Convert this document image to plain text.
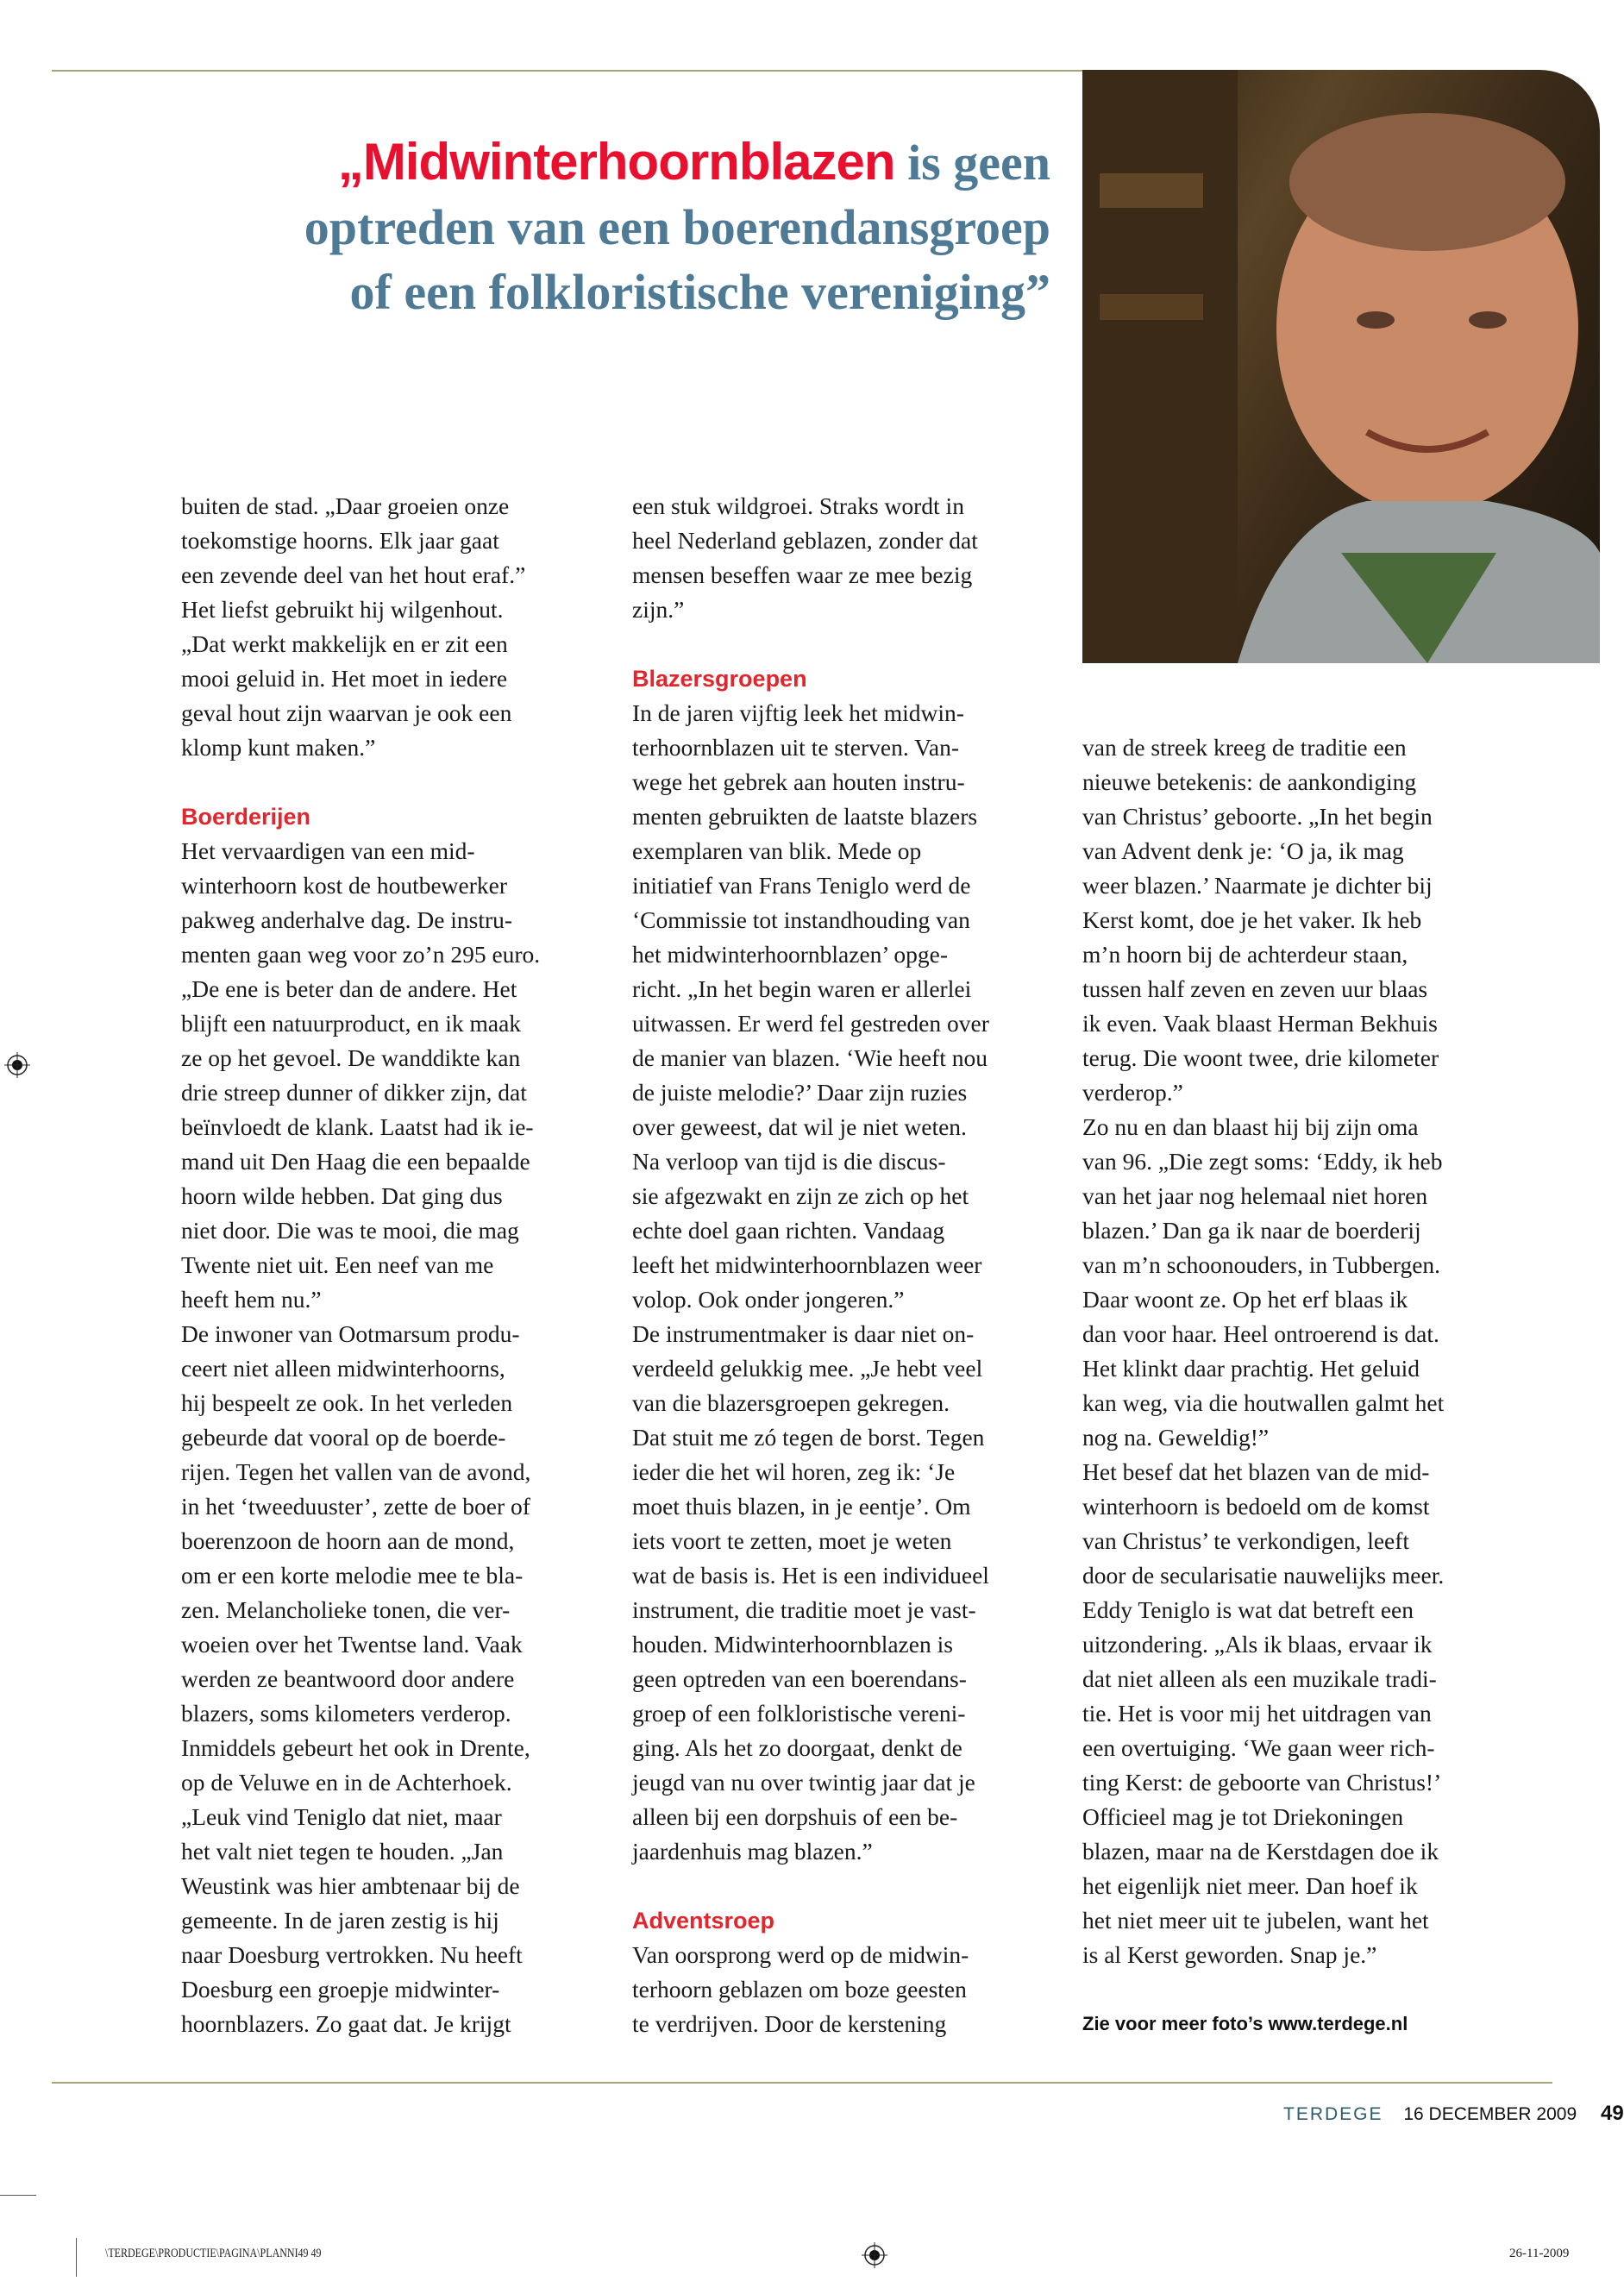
„Midwinterhoornblazen is geen
optreden van een boerendansgroep
of een folkloristische vereniging”
buiten de stad. „Daar groeien onze
toekomstige hoorns. Elk jaar gaat
een zevende deel van het hout eraf.”
Het liefst gebruikt hij wilgenhout.
„Dat werkt makkelijk en er zit een
mooi geluid in. Het moet in iedere
geval hout zijn waarvan je ook een
klomp kunt maken.”
Boerderijen
Het vervaardigen van een mid-
winterhoorn kost de houtbewerker
pakweg anderhalve dag. De instru-
menten gaan weg voor zo’n 295 euro.
„De ene is beter dan de andere. Het
blijft een natuurproduct, en ik maak
ze op het gevoel. De wanddikte kan
drie streep dunner of dikker zijn, dat
beïnvloedt de klank. Laatst had ik ie-
mand uit Den Haag die een bepaalde
hoorn wilde hebben. Dat ging dus
niet door. Die was te mooi, die mag
Twente niet uit. Een neef van me
heeft hem nu.”
De inwoner van Ootmarsum produ-
ceert niet alleen midwinterhoorns,
hij bespeelt ze ook. In het verleden
gebeurde dat vooral op de boerde-
rijen. Tegen het vallen van de avond,
in het ‘tweeduuster’, zette de boer of
boerenzoon de hoorn aan de mond,
om er een korte melodie mee te bla-
zen. Melancholieke tonen, die ver-
woeien over het Twentse land. Vaak
werden ze beantwoord door andere
blazers, soms kilometers verderop.
Inmiddels gebeurt het ook in Drente,
op de Veluwe en in de Achterhoek.
„Leuk vind Teniglo dat niet, maar
het valt niet tegen te houden. „Jan
Weustink was hier ambtenaar bij de
gemeente. In de jaren zestig is hij
naar Doesburg vertrokken. Nu heeft
Doesburg een groepje midwinter-
hoornblazers. Zo gaat dat. Je krijgt
een stuk wildgroei. Straks wordt in
heel Nederland geblazen, zonder dat
mensen beseffen waar ze mee bezig
zijn.”
Blazersgroepen
In de jaren vijftig leek het midwin-
terhoornblazen uit te sterven. Van-
wege het gebrek aan houten instru-
menten gebruikten de laatste blazers
exemplaren van blik. Mede op
initiatief van Frans Teniglo werd de
‘Commissie tot instandhouding van
het midwinterhoornblazen’ opge-
richt. „In het begin waren er allerlei
uitwassen. Er werd fel gestreden over
de manier van blazen. ‘Wie heeft nou
de juiste melodie?’ Daar zijn ruzies
over geweest, dat wil je niet weten.
Na verloop van tijd is die discus-
sie afgezwakt en zijn ze zich op het
echte doel gaan richten. Vandaag
leeft het midwinterhoornblazen weer
volop. Ook onder jongeren.”
De instrumentmaker is daar niet on-
verdeeld gelukkig mee. „Je hebt veel
van die blazersgroepen gekregen.
Dat stuit me zó tegen de borst. Tegen
ieder die het wil horen, zeg ik: ‘Je
moet thuis blazen, in je eentje’. Om
iets voort te zetten, moet je weten
wat de basis is. Het is een individueel
instrument, die traditie moet je vast-
houden. Midwinterhoornblazen is
geen optreden van een boerendans-
groep of een folkloristische vereni-
ging. Als het zo doorgaat, denkt de
jeugd van nu over twintig jaar dat je
alleen bij een dorpshuis of een be-
jaardenhuis mag blazen.”
Adventsroep
Van oorsprong werd op de midwin-
terhoorn geblazen om boze geesten
te verdrijven. Door de kerstening
van de streek kreeg de traditie een
nieuwe betekenis: de aankondiging
van Christus’ geboorte. „In het begin
van Advent denk je: ‘O ja, ik mag
weer blazen.’ Naarmate je dichter bij
Kerst komt, doe je het vaker. Ik heb
m’n hoorn bij de achterdeur staan,
tussen half zeven en zeven uur blaas
ik even. Vaak blaast Herman Bekhuis
terug. Die woont twee, drie kilometer
verderop.”
Zo nu en dan blaast hij bij zijn oma
van 96. „Die zegt soms: ‘Eddy, ik heb
van het jaar nog helemaal niet horen
blazen.’ Dan ga ik naar de boerderij
van m’n schoonouders, in Tubbergen.
Daar woont ze. Op het erf blaas ik
dan voor haar. Heel ontroerend is dat.
Het klinkt daar prachtig. Het geluid
kan weg, via die houtwallen galmt het
nog na. Geweldig!”
Het besef dat het blazen van de mid-
winterhoorn is bedoeld om de komst
van Christus’ te verkondigen, leeft
door de secularisatie nauwelijks meer.
Eddy Teniglo is wat dat betreft een
uitzondering. „Als ik blaas, ervaar ik
dat niet alleen als een muzikale tradi-
tie. Het is voor mij het uitdragen van
een overtuiging. ‘We gaan weer rich-
ting Kerst: de geboorte van Christus!’
Officieel mag je tot Driekoningen
blazen, maar na de Kerstdagen doe ik
het eigenlijk niet meer. Dan hoef ik
het niet meer uit te jubelen, want het
is al Kerst geworden. Snap je.”
Zie voor meer foto’s www.terdege.nl
TERDEGE 16 DECEMBER 2009 49
\TERDEGE\PRODUCTIE\PAGINA\PLANNI49 49	26-11-2009
